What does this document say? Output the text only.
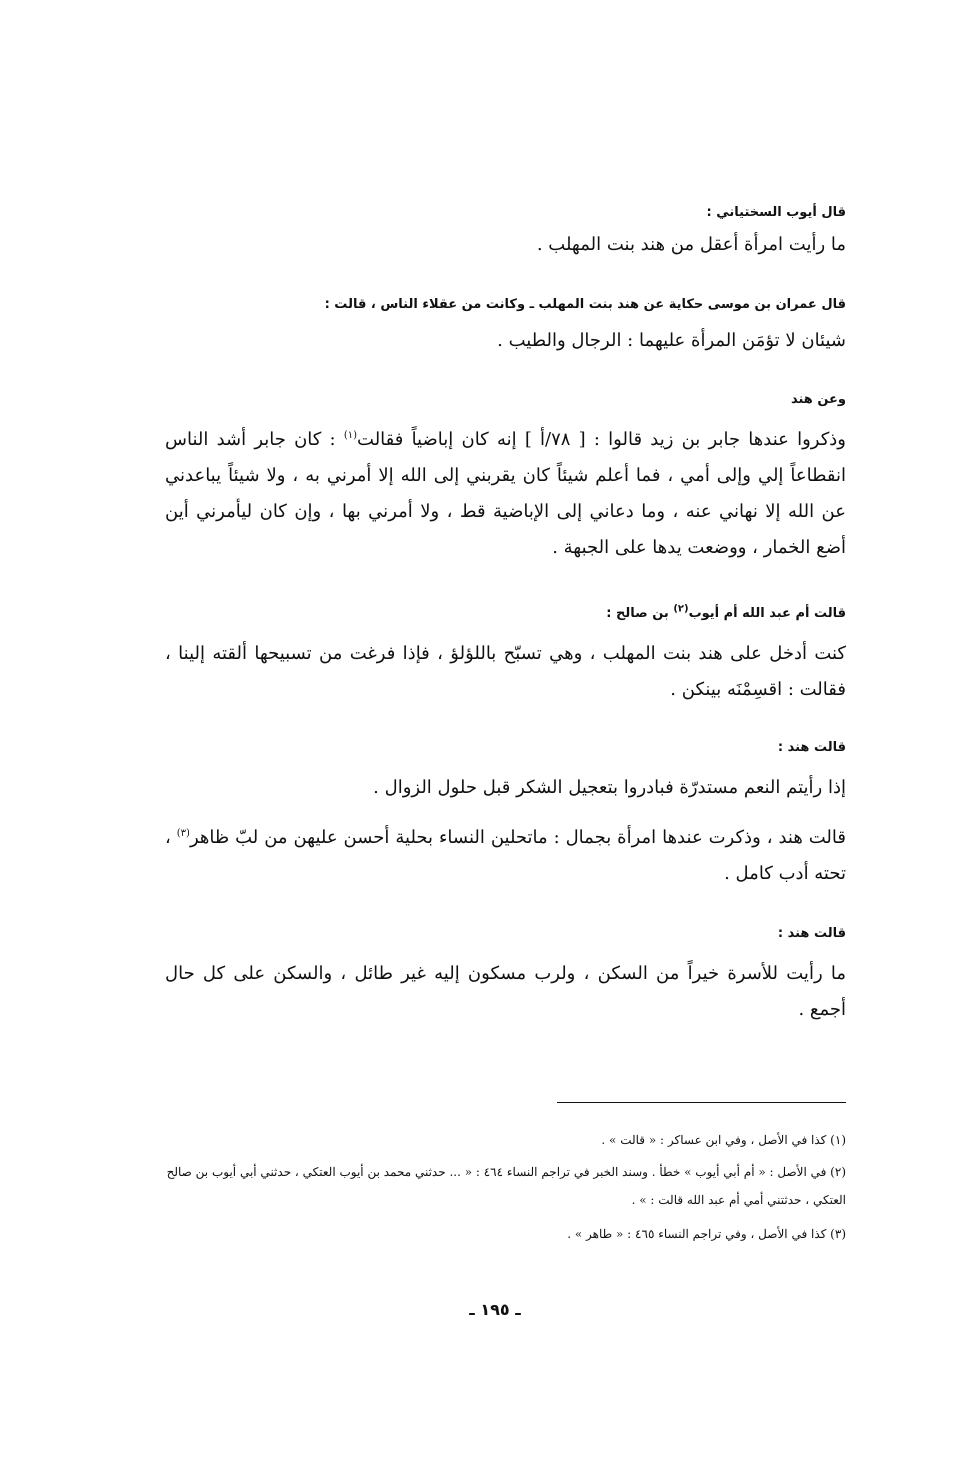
قال أيوب السختياني :
ما رأيت امرأة أعقل من هند بنت المهلب .
قال عمران بن موسى حكاية عن هند بنت المهلب ـ وكانت من عقلاء الناس ، قالت :
شيئان لا تؤمَن المرأة عليهما : الرجال والطيب .
وعن هند
وذكروا عندها جابر بن زيد قالوا : [ ٧٨/أ ] إنه كان إباضياً فقالت$^{(١)}$ : كان جابر أشد الناس انقطاعاً إلي وإلى أمي ، فما أعلم شيئاً كان يقربني إلى الله إلا أمرني به ، ولا شيئاً يباعدني عن الله إلا نهاني عنه ، وما دعاني إلى الإباضية قط ، ولا أمرني بها ، وإن كان ليأمرني أين أضع الخمار ، ووضعت يدها على الجبهة .
قالت أم عبد الله أم أيوب$^{(٢)}$ بن صالح :
كنت أدخل على هند بنت المهلب ، وهي تسبّح باللؤلؤ ، فإذا فرغت من تسبيحها ألقته إلينا ، فقالت : اقسِمْنَه بينكن .
قالت هند :
إذا رأيتم النعم مستدرّة فبادروا بتعجيل الشكر قبل حلول الزوال .
قالت هند ، وذكرت عندها امرأة بجمال : ماتحلين النساء بحلية أحسن عليهن من لبّ ظاهر$^{(٣)}$ ، تحته أدب كامل .
قالت هند :
ما رأيت للأسرة خيراً من السكن ، ولرب مسكون إليه غير طائل ، والسكن على كل حال أجمع .
(١) كذا في الأصل ، وفي ابن عساكر : « قالت » .
(٢) في الأصل : « أم أبي أيوب » خطأ . وسند الخبر في تراجم النساء ٤٦٤ : « ... حدثني محمد بن أيوب العتكي ، حدثني أبي أيوب بن صالح العتكي ، حدثتني أمي أم عبد الله قالت : » .
(٣) كذا في الأصل ، وفي تراجم النساء ٤٦٥ : « طاهر » .
ـ ١٩٥ ـ
